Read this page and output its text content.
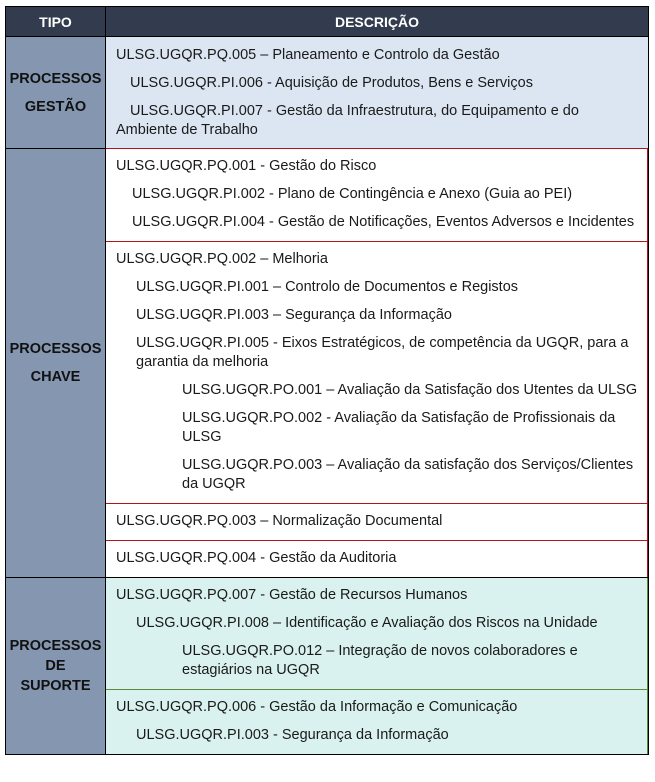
TIPO	DESCRIÇÃO
PROCESSOS
GESTÃO
ULSG.UGQR.PQ.005 – Planeamento e Controlo da Gestão
ULSG.UGQR.PI.006 - Aquisição de Produtos, Bens e Serviços
ULSG.UGQR.PI.007 - Gestão da Infraestrutura, do Equipamento e do Ambiente de Trabalho
PROCESSOS
CHAVE
ULSG.UGQR.PQ.001 - Gestão do Risco
ULSG.UGQR.PI.002 - Plano de Contingência e Anexo (Guia ao PEI)
ULSG.UGQR.PI.004 - Gestão de Notificações, Eventos Adversos e Incidentes
ULSG.UGQR.PQ.002 – Melhoria
ULSG.UGQR.PI.001 – Controlo de Documentos e Registos
ULSG.UGQR.PI.003 – Segurança da Informação
ULSG.UGQR.PI.005 - Eixos Estratégicos, de competência da UGQR, para a garantia da melhoria
ULSG.UGQR.PO.001 – Avaliação da Satisfação dos Utentes da ULSG
ULSG.UGQR.PO.002 - Avaliação da Satisfação de Profissionais da ULSG
ULSG.UGQR.PO.003 – Avaliação da satisfação dos Serviços/Clientes da UGQR
ULSG.UGQR.PQ.003 – Normalização Documental
ULSG.UGQR.PQ.004 - Gestão da Auditoria
PROCESSOS
DE
SUPORTE
ULSG.UGQR.PQ.007 - Gestão de Recursos Humanos
ULSG.UGQR.PI.008 – Identificação e Avaliação dos Riscos na Unidade
ULSG.UGQR.PO.012 – Integração de novos colaboradores e estagiários na UGQR
ULSG.UGQR.PQ.006 - Gestão da Informação e Comunicação
ULSG.UGQR.PI.003 - Segurança da Informação
